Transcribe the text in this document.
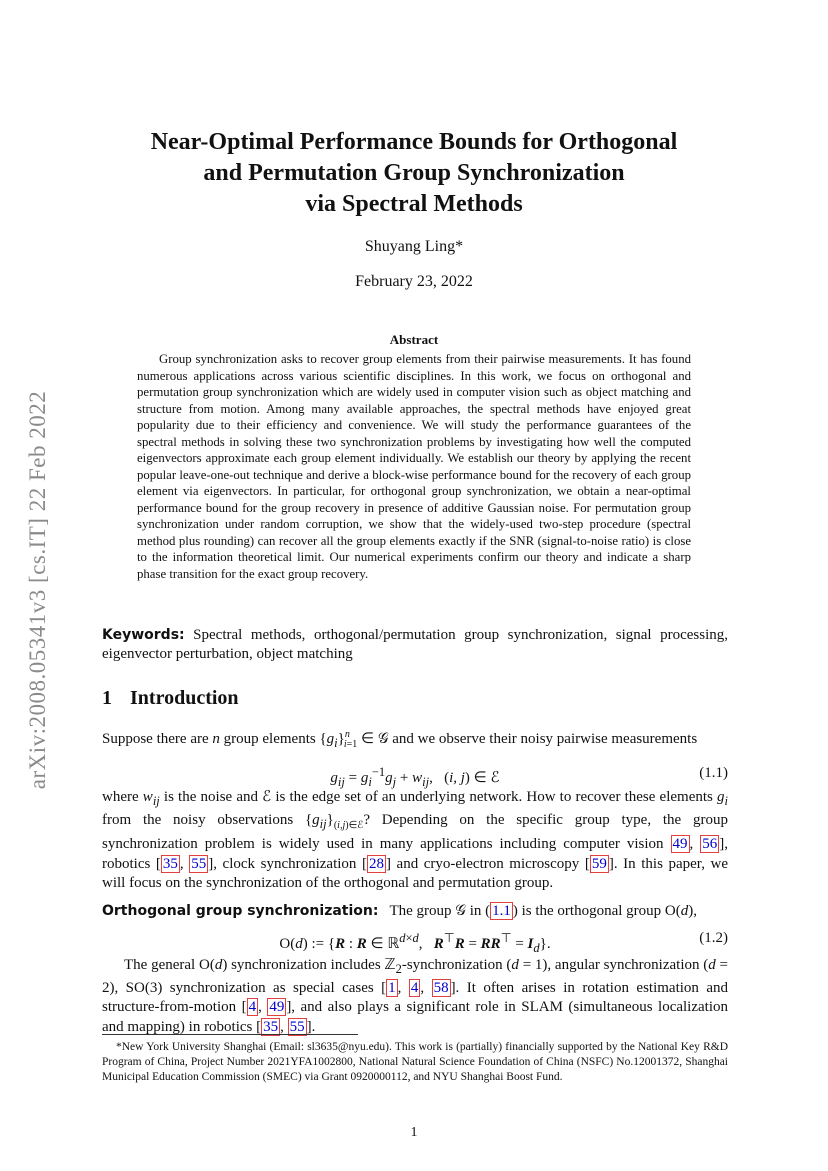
arXiv:2008.05341v3 [cs.IT] 22 Feb 2022
Near-Optimal Performance Bounds for Orthogonal
and Permutation Group Synchronization
via Spectral Methods
Shuyang Ling*
February 23, 2022
Abstract

Group synchronization asks to recover group elements from their pairwise measurements. It has found numerous applications across various scientific disciplines. In this work, we focus on orthogonal and permutation group synchronization which are widely used in computer vision such as object matching and structure from motion. Among many available approaches, the spectral methods have enjoyed great popularity due to their efficiency and convenience. We will study the performance guarantees of the spectral methods in solving these two synchronization problems by investigating how well the computed eigenvectors approximate each group element individually. We establish our theory by applying the recent popular leave-one-out technique and derive a block-wise performance bound for the recovery of each group element via eigenvectors. In particular, for orthogonal group synchronization, we obtain a near-optimal performance bound for the group recovery in presence of additive Gaussian noise. For permutation group synchronization under random corruption, we show that the widely-used two-step procedure (spectral method plus rounding) can recover all the group elements exactly if the SNR (signal-to-noise ratio) is close to the information theoretical limit. Our numerical experiments confirm our theory and indicate a sharp phase transition for the exact group recovery.

Keywords: Spectral methods, orthogonal/permutation group synchronization, signal processing, eigenvector perturbation, object matching
1 Introduction

Suppose there are n group elements $\{g_i\}^n_{i=1}$ ∈ 𝒢 and we observe their noisy pairwise measurements

$g_{ij} = g_i^{-1}g_j + w_{ij}$,   (i, j) ∈ ℰ	(1.1)

where $w_{ij}$ is the noise and ℰ is the edge set of an underlying network. How to recover these elements $g_i$ from the noisy observations $\{g_{ij}\}_{(i,j)\in ℰ}$? Depending on the specific group type, the group synchronization problem is widely used in many applications including computer vision 49 , 56 ], robotics [ 35 , 55 ], clock synchronization [ 28 ] and cryo-electron microscopy [ 59 ]. In this paper, we will focus on the synchronization of the orthogonal and permutation group.

Orthogonal group synchronization:   The group 𝒢 in ( 1.1 ) is the orthogonal group O(d),

O(d) := {R : R ∈ ℝ$^{d\times d}$,   $R^⊤R = RR^⊤ = I_d$}.	(1.2)

The general O(d) synchronization includes ℤ$_2$-synchronization (d = 1), angular synchronization (d = 2), SO(3) synchronization as special cases [ 1 , 4 , 58 ]. It often arises in rotation estimation and structure-from-motion [ 4 , 49 ], and also plays a significant role in SLAM (simultaneous localization and mapping) in robotics [ 35 , 55 ].

*New York University Shanghai (Email: sl3635@nyu.edu). This work is (partially) financially supported by the National Key R&D Program of China, Project Number 2021YFA1002800, National Natural Science Foundation of China (NSFC) No.12001372, Shanghai Municipal Education Commission (SMEC) via Grant 0920000112, and NYU Shanghai Boost Fund.

1
